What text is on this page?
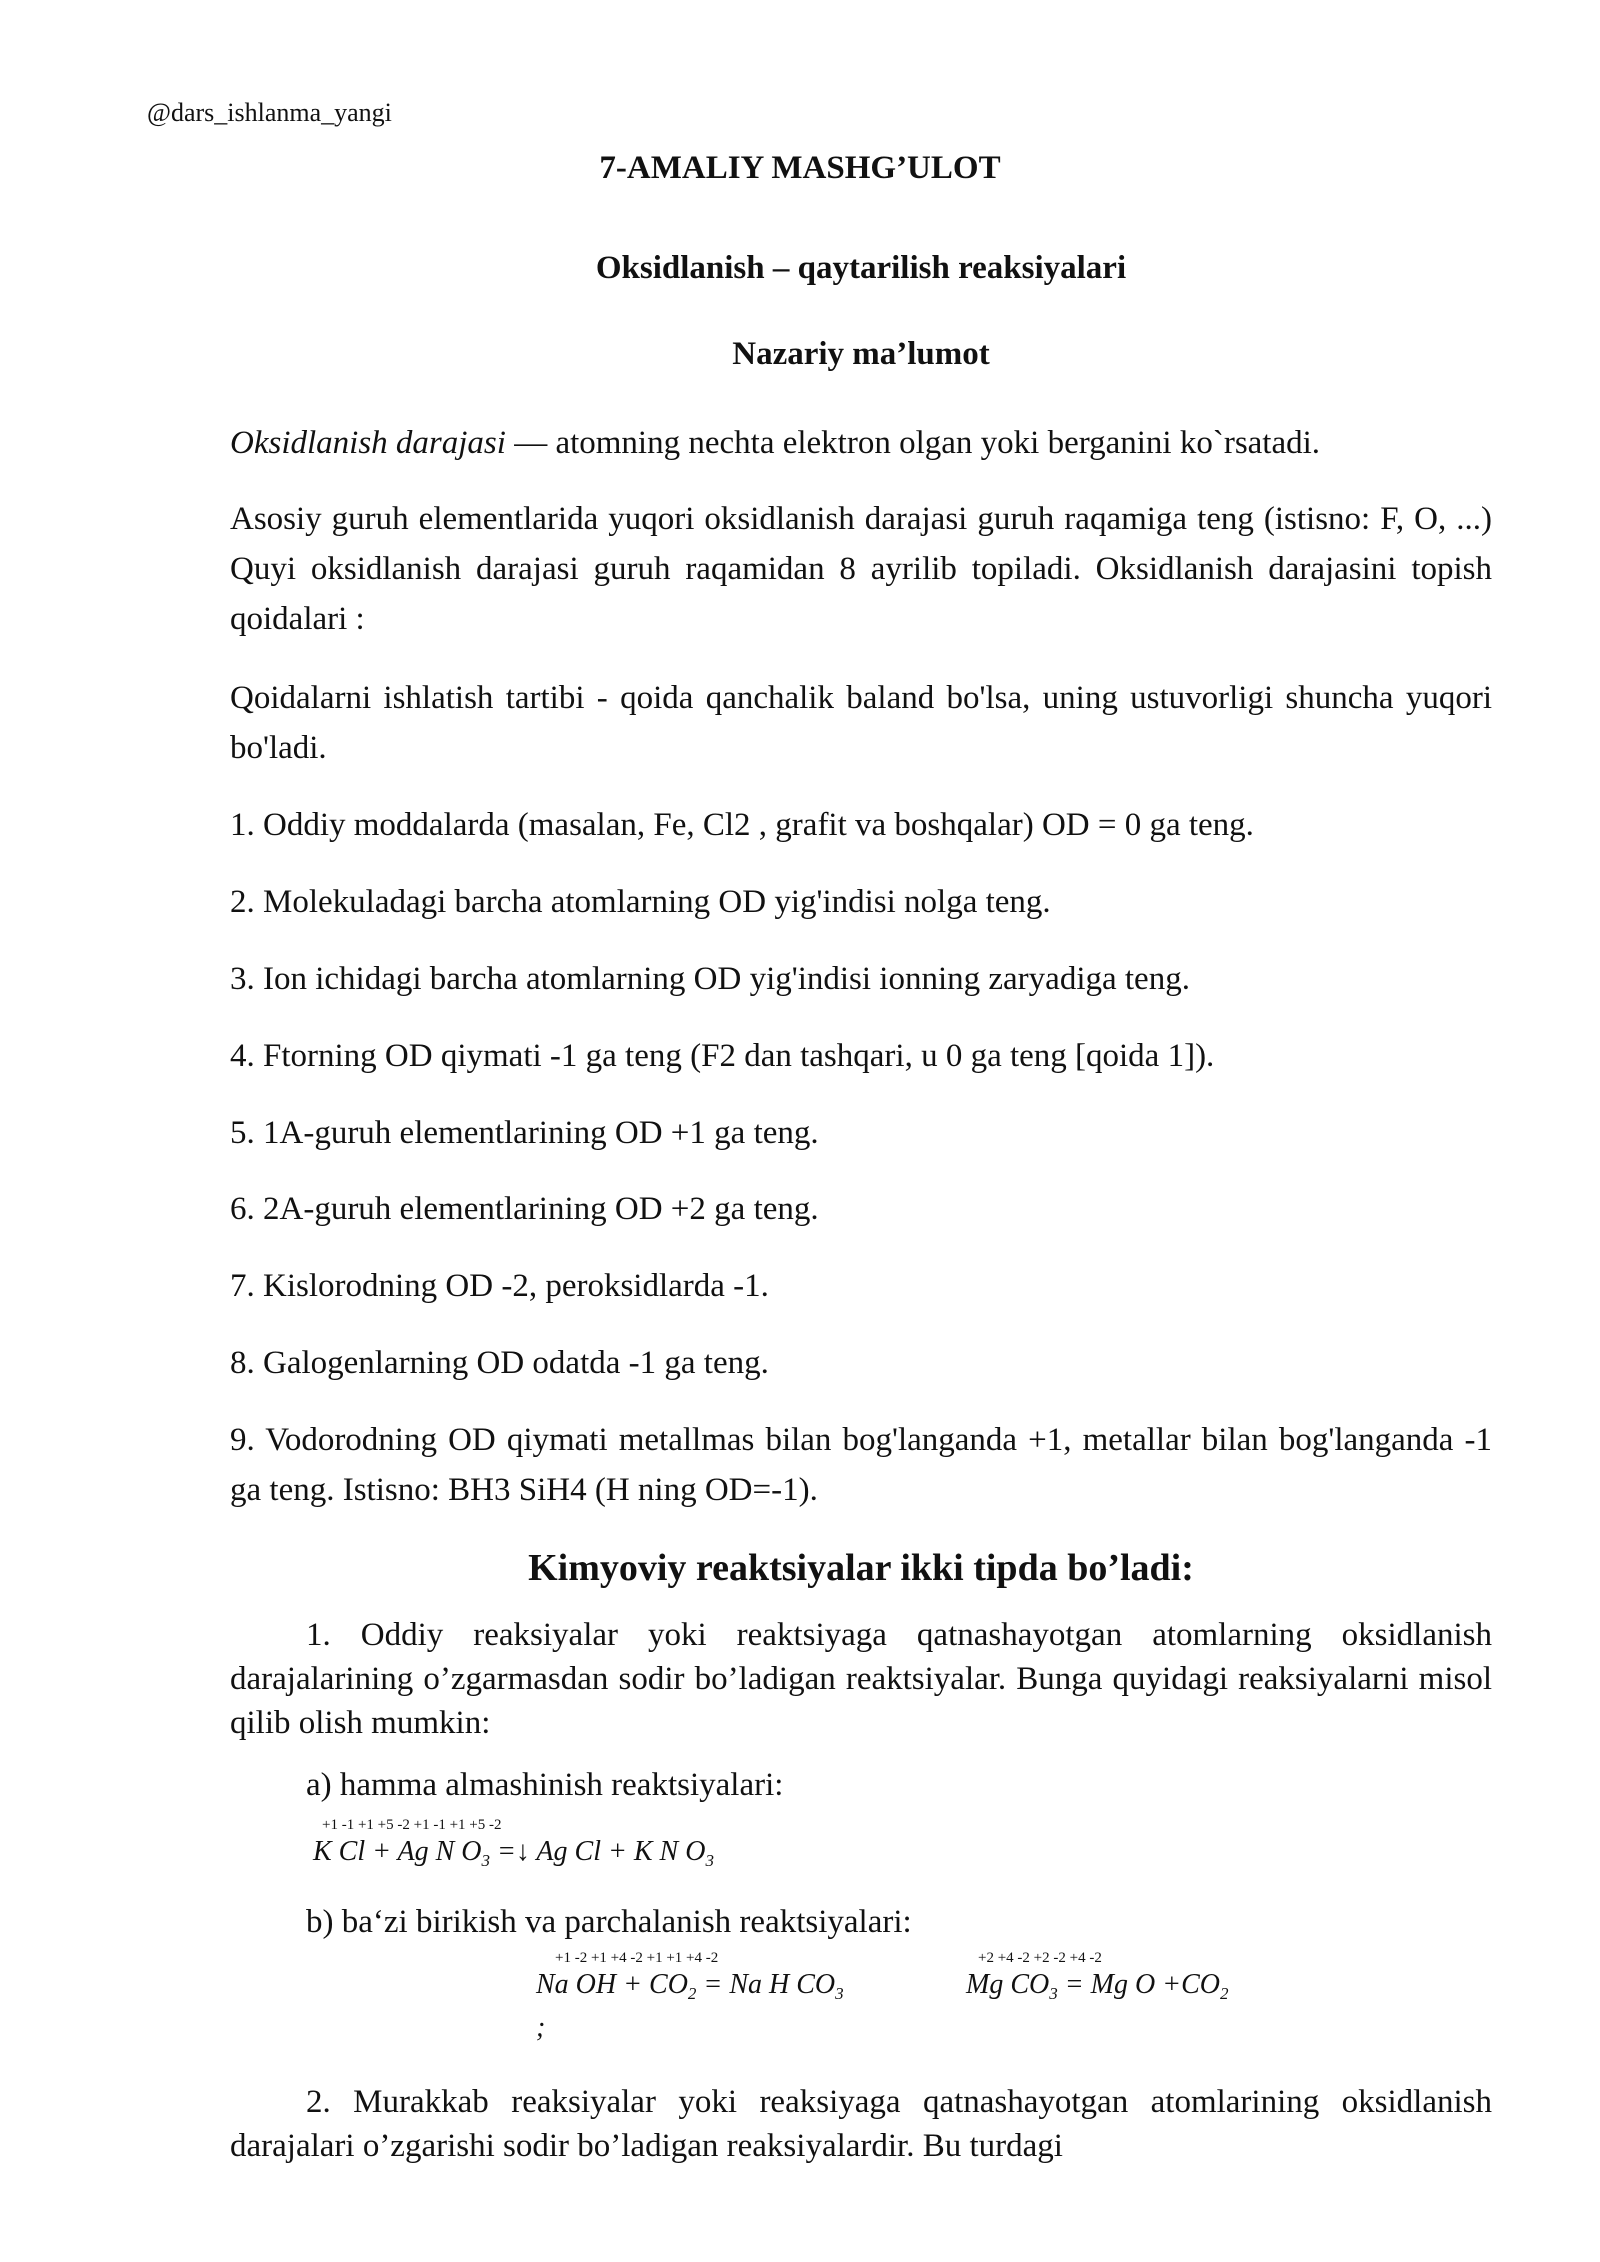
@dars_ishlanma_yangi
7-AMALIY MASHG’ULOT
Oksidlanish – qaytarilish reaksiyalari
Nazariy ma’lumot
Oksidlanish darajasi — atomning nechta elektron olgan yoki berganini ko`rsatadi.
Asosiy guruh elementlarida yuqori oksidlanish darajasi guruh raqamiga teng (istisno: F, O, ...) Quyi oksidlanish darajasi guruh raqamidan 8 ayrilib topiladi. Oksidlanish darajasini topish qoidalari :
Qoidalarni ishlatish tartibi - qoida qanchalik baland bo'lsa, uning ustuvorligi shuncha yuqori bo'ladi.
1. Oddiy moddalarda (masalan, Fe, Cl2 , grafit va boshqalar) OD = 0 ga teng.
2. Molekuladagi barcha atomlarning OD yig'indisi nolga teng.
3. Ion ichidagi barcha atomlarning OD yig'indisi ionning zaryadiga teng.
4. Ftorning OD qiymati -1 ga teng (F2 dan tashqari, u 0 ga teng [qoida 1]).
5. 1A-guruh elementlarining OD +1 ga teng.
6. 2A-guruh elementlarining OD +2 ga teng.
7. Kislorodning OD -2, peroksidlarda -1.
8. Galogenlarning OD odatda -1 ga teng.
9. Vodorodning OD qiymati metallmas bilan bog'langanda +1, metallar bilan bog'langanda -1 ga teng. Istisno: BH3 SiH4 (H ning OD=-1).
Kimyoviy reaktsiyalar ikki tipda bo’ladi:
1. Oddiy reaksiyalar yoki reaktsiyaga qatnashayotgan atomlarning oksidlanish darajalarining o’zgarmasdan sodir bo’ladigan reaktsiyalar. Bunga quyidagi reaksiyalarni misol qilib olish mumkin:
a) hamma almashinish reaktsiyalari:
+1 -1 +1 +5 -2 +1 -1 +1 +5 -2
K Cl + Ag N $O_3$ =↓ Ag Cl + K N $O_3$
b) ba‘zi birikish va parchalanish reaktsiyalari:
+1 -2 +1 +4 -2 +1 +1 +4 -2
Na OH + $CO_2 = Na$ H $CO_3$
;
+2 +4 -2 +2 -2 +4 -2
Mg $CO_3 = Mg$ $O +CO_2$
2. Murakkab reaksiyalar yoki reaksiyaga qatnashayotgan atomlarining oksidlanish darajalari o’zgarishi sodir bo’ladigan reaksiyalardir. Bu turdagi
